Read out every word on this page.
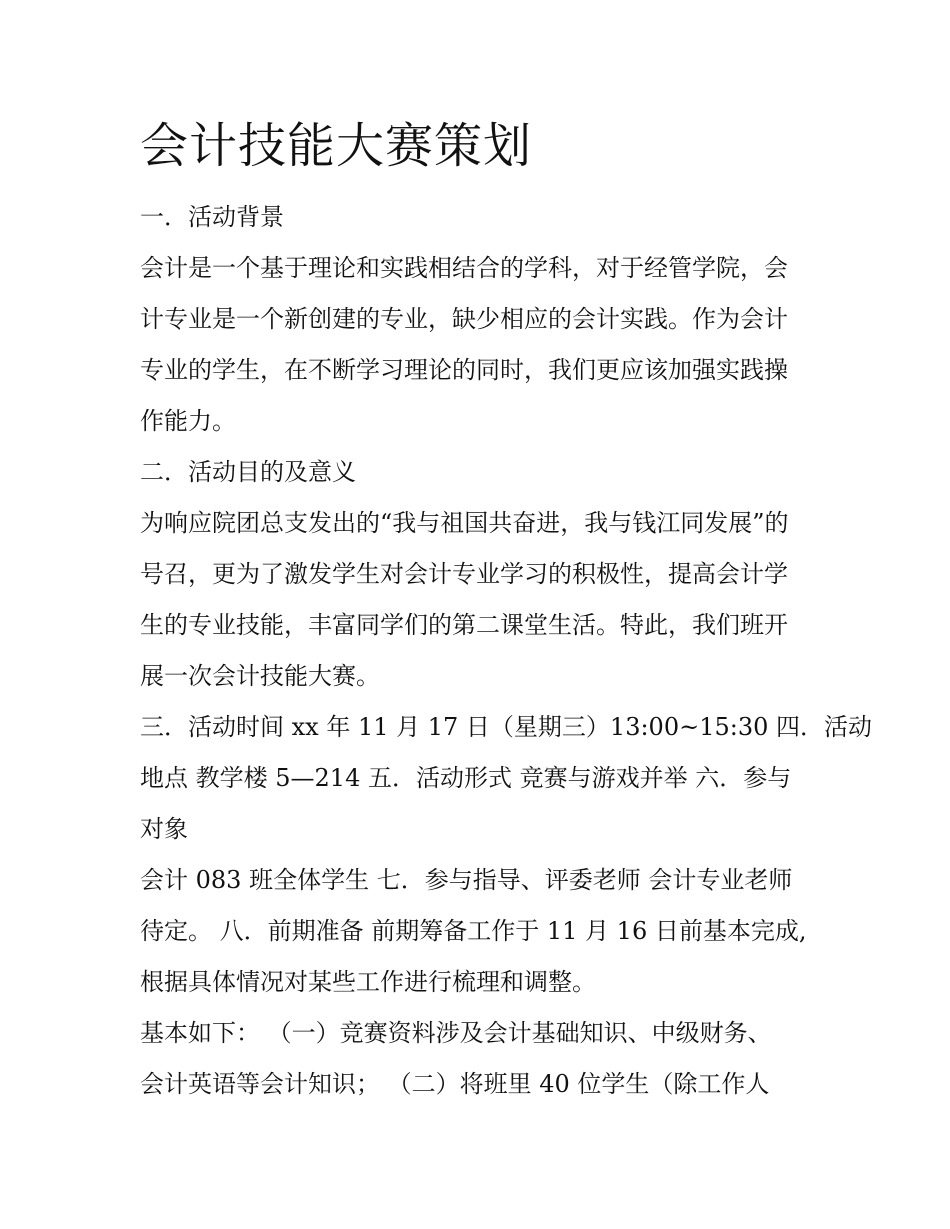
会计技能大赛策划

一．活动背景

会计是一个基于理论和实践相结合的学科，对于经管学院，会

计专业是一个新创建的专业，缺少相应的会计实践。作为会计

专业的学生，在不断学习理论的同时，我们更应该加强实践操

作能力。

二．活动目的及意义

为响应院团总支发出的“我与祖国共奋进，我与钱江同发展”的

号召，更为了激发学生对会计专业学习的积极性，提高会计学

生的专业技能，丰富同学们的第二课堂生活。特此，我们班开

展一次会计技能大赛。

三．活动时间 xx 年 11 月 17 日（星期三）13:00~15:30 四．活动

地点 教学楼 5—214 五．活动形式 竞赛与游戏并举 六．参与

对象

会计 083 班全体学生 七．参与指导、评委老师 会计专业老师

待定。 八．前期准备 前期筹备工作于 11 月 16 日前基本完成,

根据具体情况对某些工作进行梳理和调整。

基本如下： （一）竞赛资料涉及会计基础知识、中级财务、

会计英语等会计知识； （二）将班里 40 位学生（除工作人
